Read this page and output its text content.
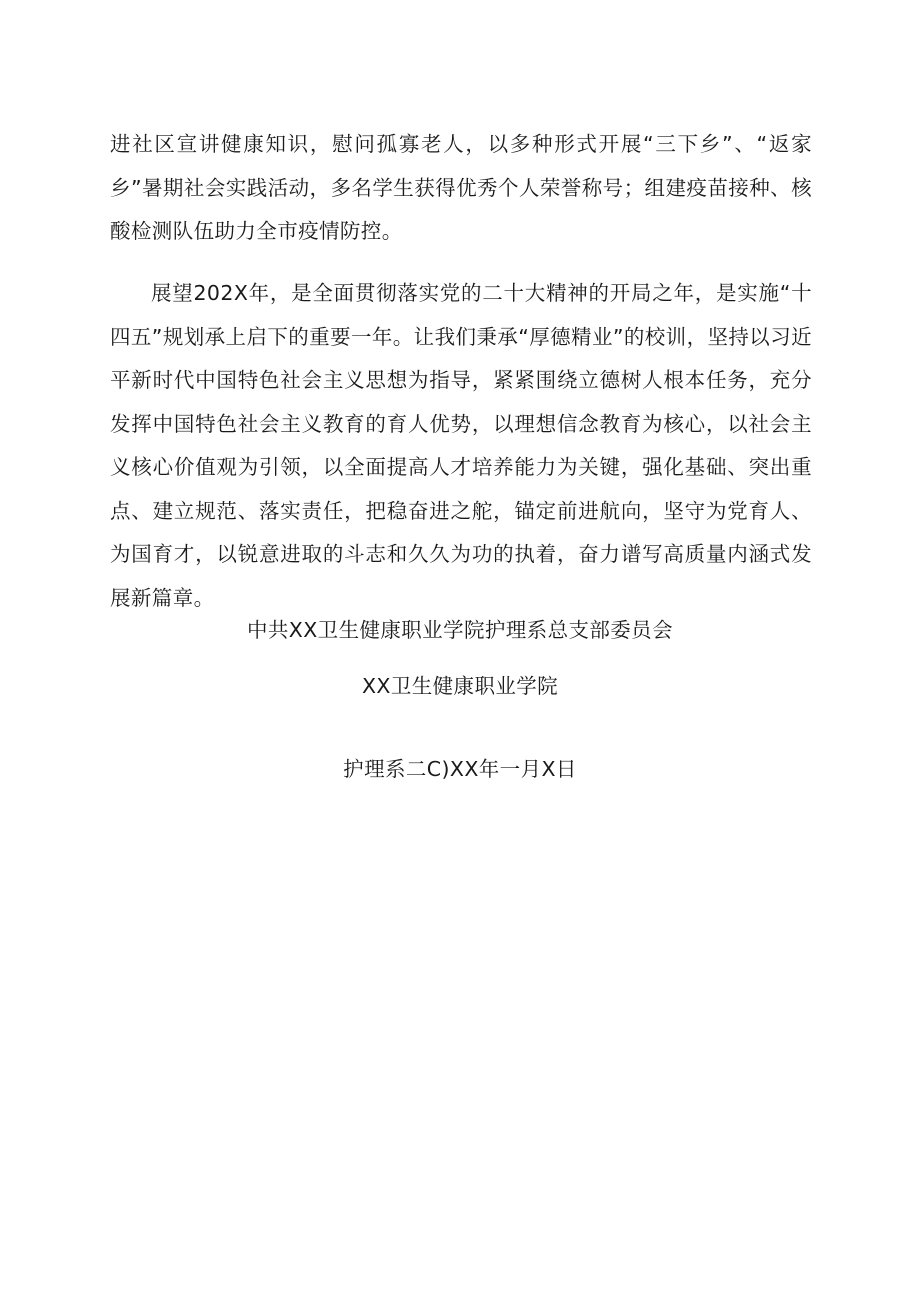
进社区宣讲健康知识，慰问孤寡老人，以多种形式开展“三下乡”、“返家乡”暑期社会实践活动，多名学生获得优秀个人荣誉称号；组建疫苗接种、核酸检测队伍助力全市疫情防控。
展望202X年，是全面贯彻落实党的二十大精神的开局之年，是实施“十四五”规划承上启下的重要一年。让我们秉承“厚德精业”的校训，坚持以习近平新时代中国特色社会主义思想为指导，紧紧围绕立德树人根本任务，充分发挥中国特色社会主义教育的育人优势，以理想信念教育为核心，以社会主义核心价值观为引领，以全面提高人才培养能力为关键，强化基础、突出重点、建立规范、落实责任，把稳奋进之舵，锚定前进航向，坚守为党育人、为国育才，以锐意进取的斗志和久久为功的执着，奋力谱写高质量内涵式发展新篇章。
中共XX卫生健康职业学院护理系总支部委员会
XX卫生健康职业学院
护理系二C)XX年一月X日
